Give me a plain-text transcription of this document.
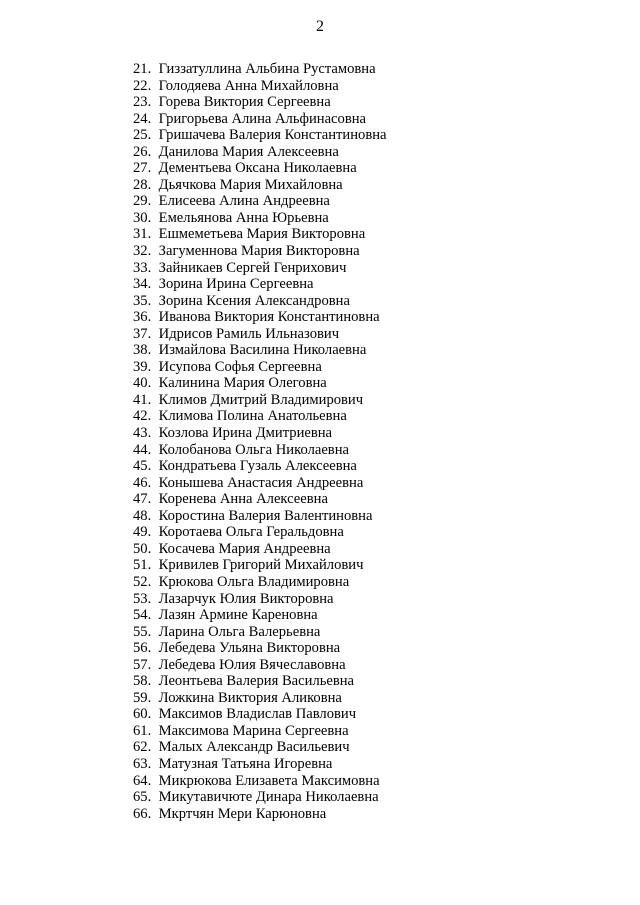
2
21. Гиззатуллина Альбина Рустамовна
22. Голодяева Анна Михайловна
23. Горева Виктория Сергеевна
24. Григорьева Алина Альфинасовна
25. Гришачева Валерия Константиновна
26. Данилова Мария Алексеевна
27. Дементьева Оксана Николаевна
28. Дьячкова Мария Михайловна
29. Елисеева Алина Андреевна
30. Емельянова Анна Юрьевна
31. Ешмеметьева Мария Викторовна
32. Загуменнова Мария Викторовна
33. Зайникаев Сергей Генрихович
34. Зорина Ирина Сергеевна
35. Зорина Ксения Александровна
36. Иванова Виктория Константиновна
37. Идрисов Рамиль Ильназович
38. Измайлова Василина Николаевна
39. Исупова Софья Сергеевна
40. Калинина Мария Олеговна
41. Климов Дмитрий Владимирович
42. Климова Полина Анатольевна
43. Козлова Ирина Дмитриевна
44. Колобанова Ольга Николаевна
45. Кондратьева Гузаль Алексеевна
46. Конышева Анастасия Андреевна
47. Коренева Анна Алексеевна
48. Коростина Валерия Валентиновна
49. Коротаева Ольга Геральдовна
50. Косачева Мария Андреевна
51. Кривилев Григорий Михайлович
52. Крюкова Ольга Владимировна
53. Лазарчук Юлия Викторовна
54. Лазян Армине Кареновна
55. Ларина Ольга Валерьевна
56. Лебедева Ульяна Викторовна
57. Лебедева Юлия Вячеславовна
58. Леонтьева Валерия Васильевна
59. Ложкина Виктория Аликовна
60. Максимов Владислав Павлович
61. Максимова Марина Сергеевна
62. Малых Александр Васильевич
63. Матузная Татьяна Игоревна
64. Микрюкова Елизавета Максимовна
65. Микутавичюте Динара Николаевна
66. Мкртчян Мери Карюновна
